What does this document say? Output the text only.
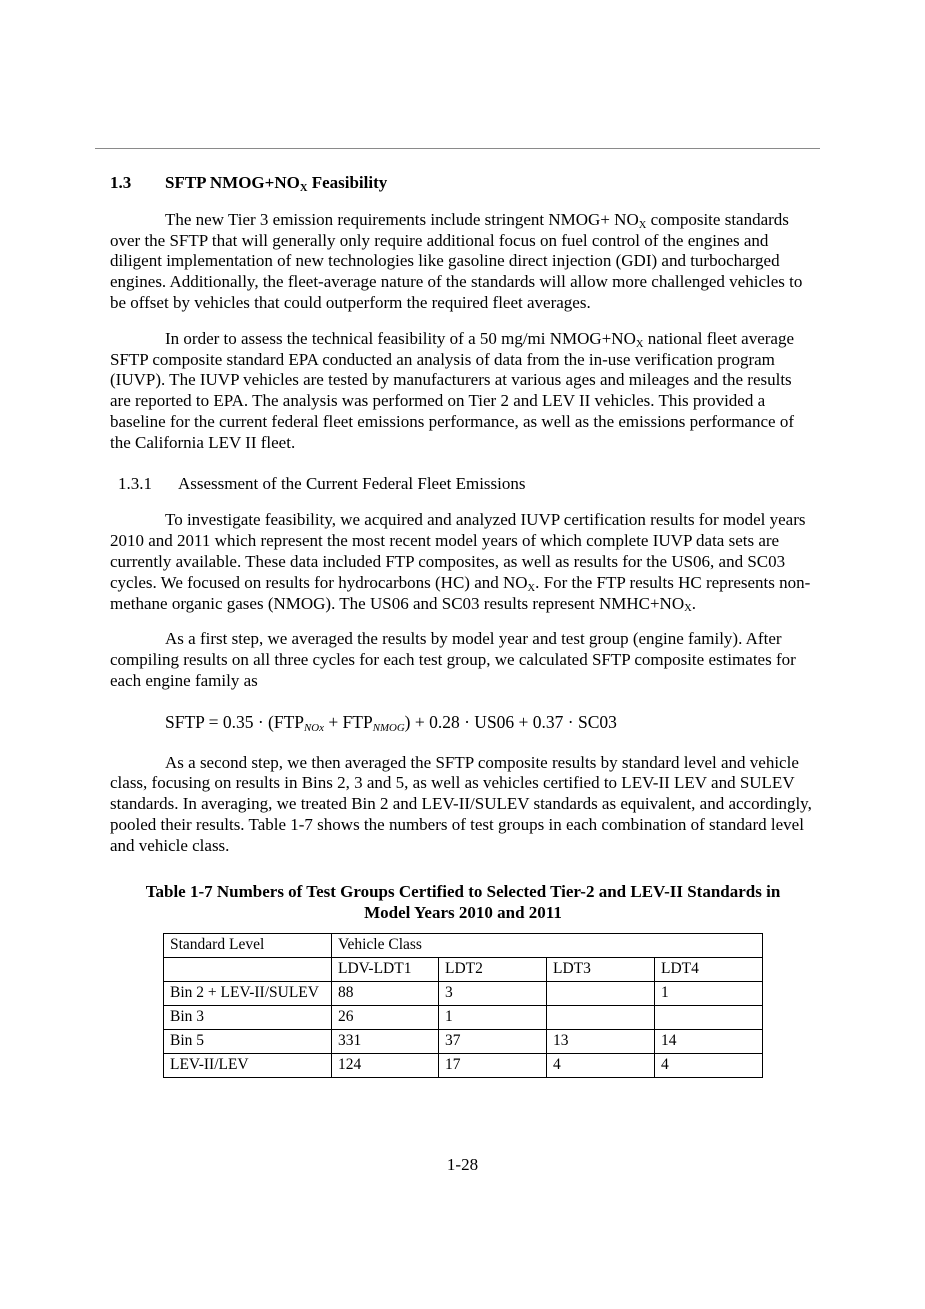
1.3 SFTP $NMOG+NO_X$ Feasibility

The new Tier 3 emission requirements include stringent NMOG+ $NO_X$ composite standards over the SFTP that will generally only require additional focus on fuel control of the engines and diligent implementation of new technologies like gasoline direct injection (GDI) and turbocharged engines. Additionally, the fleet-average nature of the standards will allow more challenged vehicles to be offset by vehicles that could outperform the required fleet averages.

In order to assess the technical feasibility of a 50 mg/mi $NMOG+NO_X$ national fleet average SFTP composite standard EPA conducted an analysis of data from the in-use verification program (IUVP). The IUVP vehicles are tested by manufacturers at various ages and mileages and the results are reported to EPA. The analysis was performed on Tier 2 and LEV II vehicles. This provided a baseline for the current federal fleet emissions performance, as well as the emissions performance of the California LEV II fleet.

1.3.1 Assessment of the Current Federal Fleet Emissions

To investigate feasibility, we acquired and analyzed IUVP certification results for model years 2010 and 2011 which represent the most recent model years of which complete IUVP data sets are currently available. These data included FTP composites, as well as results for the US06, and SC03 cycles. We focused on results for hydrocarbons (HC) and $NO_X$. For the FTP results HC represents non-methane organic gases (NMOG). The US06 and SC03 results represent $NMHC+NO_X$.

As a first step, we averaged the results by model year and test group (engine family). After compiling results on all three cycles for each test group, we calculated SFTP composite estimates for each engine family as

SFTP = $0.35 \cdot (FTP_{NOx} + FTP_{NMOG}) + 0.28 \cdot US06 + 0.37 \cdot SC03$

As a second step, we then averaged the SFTP composite results by standard level and vehicle class, focusing on results in Bins 2, 3 and 5, as well as vehicles certified to LEV-II LEV and SULEV standards. In averaging, we treated Bin 2 and LEV-II/SULEV standards as equivalent, and accordingly, pooled their results. Table 1-7 shows the numbers of test groups in each combination of standard level and vehicle class.

Table 1-7 Numbers of Test Groups Certified to Selected Tier-2 and LEV-II Standards in
Model Years 2010 and 2011
Standard Level	Vehicle Class			
	LDV-LDT1	LDT2	LDT3	LDT4
Bin 2 + LEV-II/SULEV	88	3		1
Bin 3	26	1		
Bin 5	331	37	13	14
LEV-II/LEV	124	17	4	4
1-28
